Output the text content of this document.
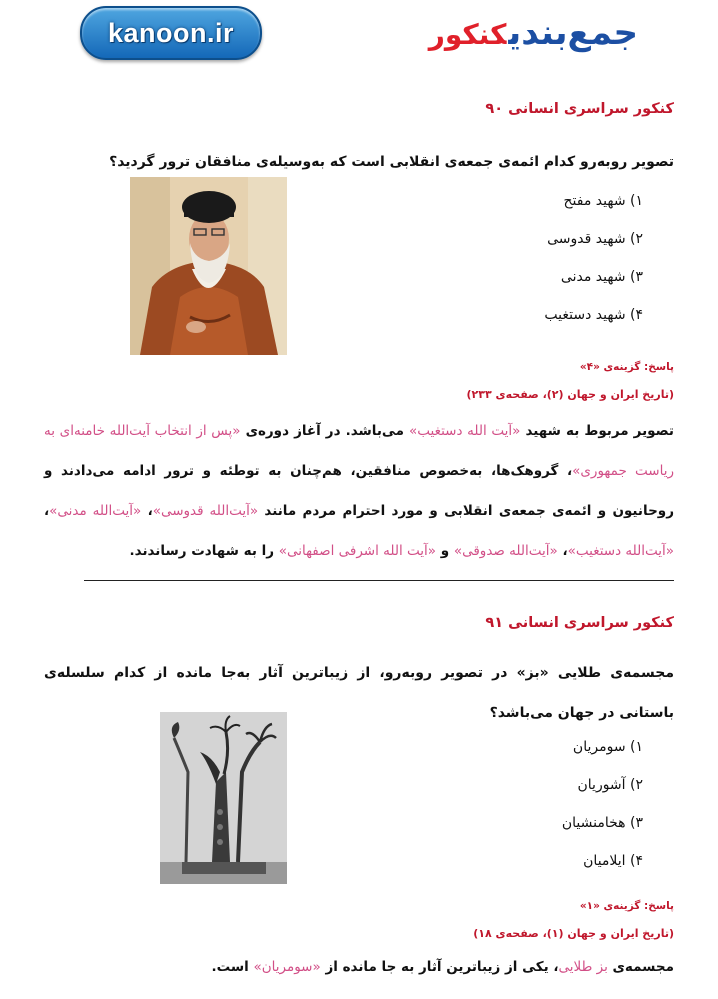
kanoon.ir	جمع‌بندیکنکور
کنکور سراسری انسانی ۹۰
تصویر روبه‌رو کدام ائمه‌ی جمعه‌ی انقلابی است که به‌وسیله‌ی منافقان ترور گردید؟
۱) شهید مفتح
۲) شهید قدوسی
۳) شهید مدنی
۴) شهید دستغیب
پاسخ: گزینه‌ی «۴»
(تاریخ ایران و جهان (۲)، صفحه‌ی ۲۳۳)
تصویر مربوط به شهید «آیت الله دستغیب» می‌باشد. در آغاز دوره‌ی «پس از انتخاب آیت‌الله خامنه‌ای به ریاست جمهوری»، گروهک‌ها، به‌خصوص منافقین، هم‌چنان به توطئه و ترور ادامه می‌دادند و روحانیون و ائمه‌ی جمعه‌ی انقلابی و مورد احترام مردم مانند «آیت‌الله قدوسی»، «آیت‌الله مدنی»، «آیت‌الله دستغیب»، «آیت‌الله صدوقی» و «آیت الله اشرفی اصفهانی» را به شهادت رساندند.
کنکور سراسری انسانی ۹۱
مجسمه‌ی طلایی «بز» در تصویر روبه‌رو، از زیباترین آثار به‌جا مانده از کدام سلسله‌ی باستانی در جهان می‌باشد؟
۱) سومریان
۲) آشوریان
۳) هخامنشیان
۴) ایلامیان
پاسخ: گزینه‌ی «۱»
(تاریخ ایران و جهان (۱)، صفحه‌ی ۱۸)
مجسمه‌ی بز طلایی، یکی از زیباترین آثار به جا مانده از «سومریان» است.
